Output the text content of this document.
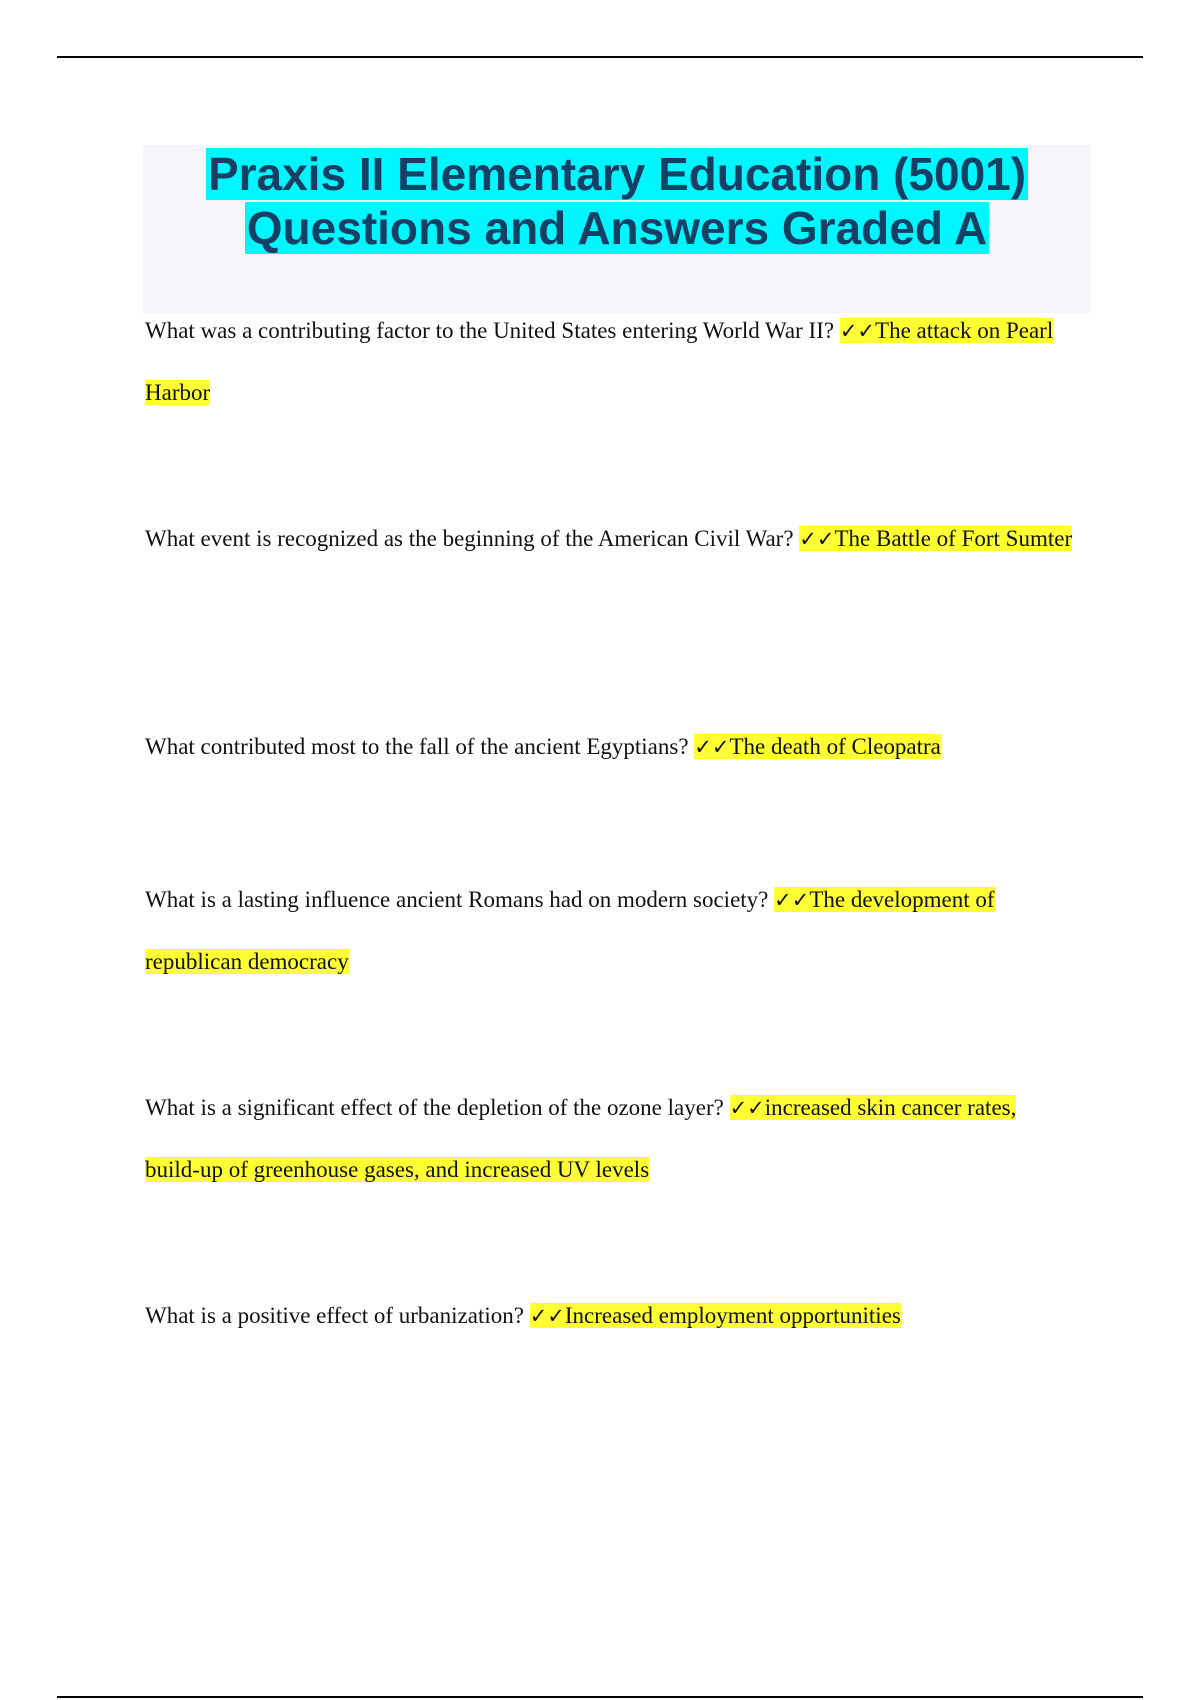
Praxis II Elementary Education (5001)
Questions and Answers Graded A

What was a contributing factor to the United States entering World War II? ✓✓The attack on Pearl Harbor

What event is recognized as the beginning of the American Civil War? ✓✓The Battle of Fort Sumter

What contributed most to the fall of the ancient Egyptians? ✓✓The death of Cleopatra

What is a lasting influence ancient Romans had on modern society? ✓✓The development of republican democracy

What is a significant effect of the depletion of the ozone layer? ✓✓increased skin cancer rates, build-up of greenhouse gases, and increased UV levels

What is a positive effect of urbanization? ✓✓Increased employment opportunities
